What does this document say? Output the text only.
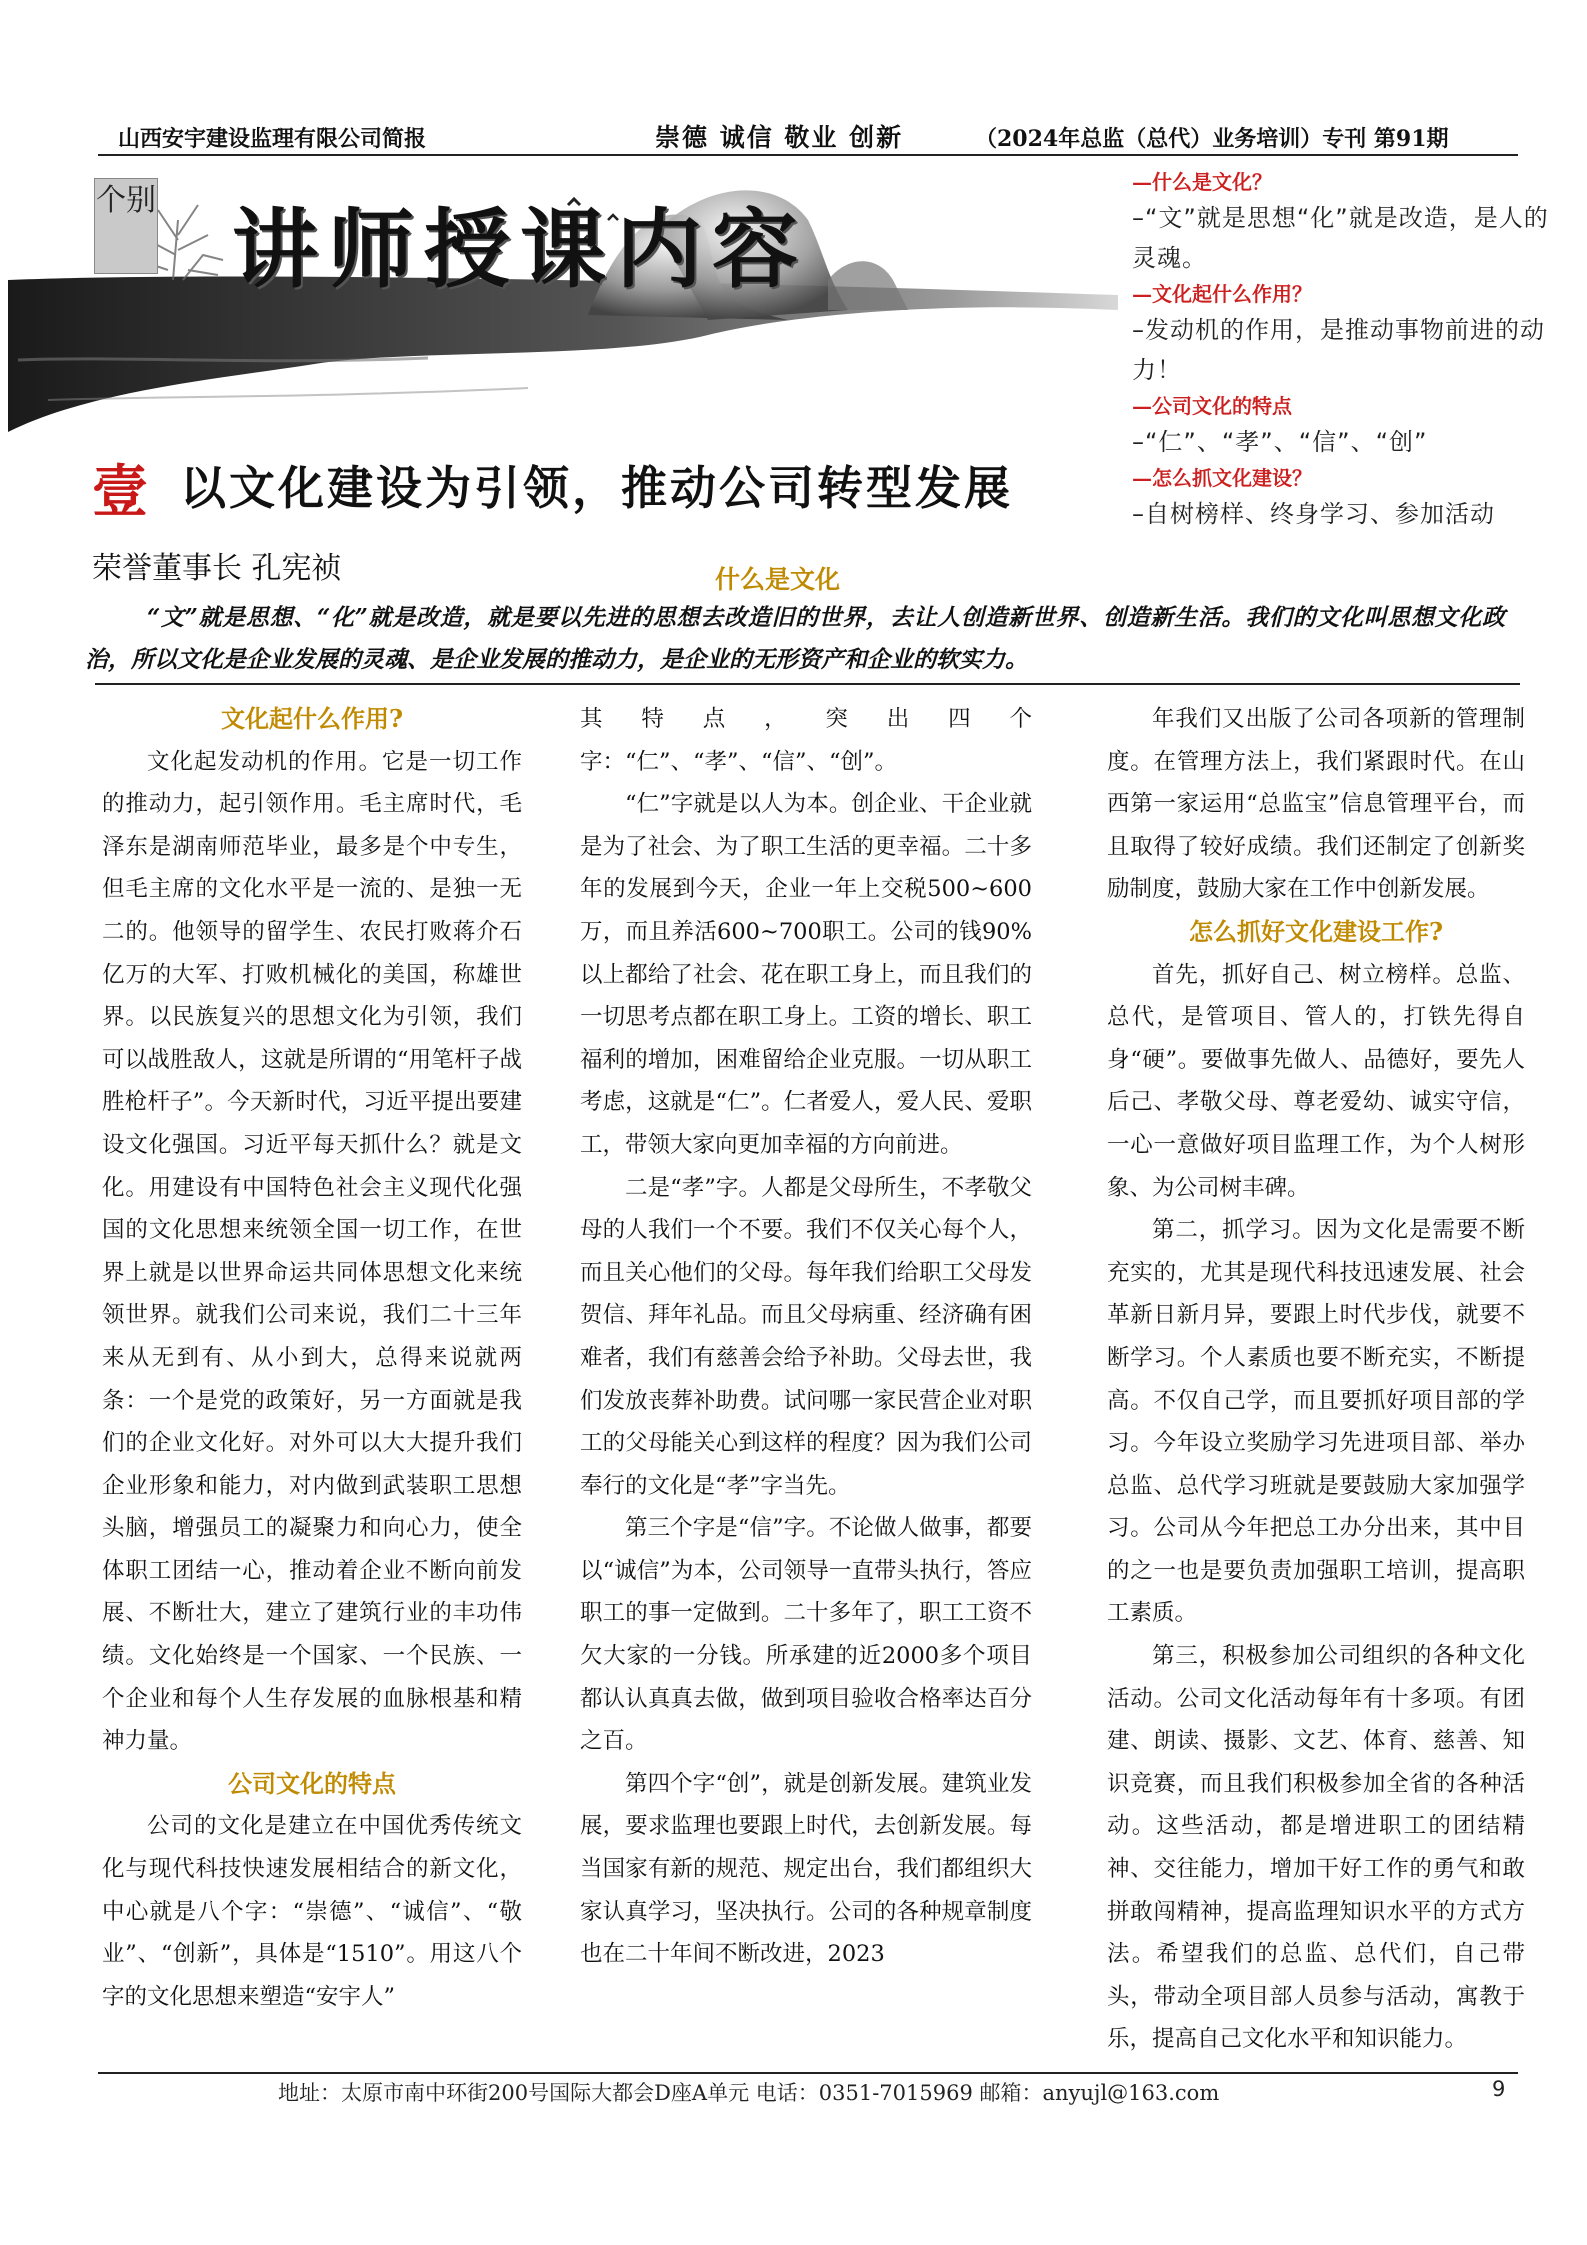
山西安宇建设监理有限公司简报	崇德 诚信 敬业 创新	（2024年总监（总代）业务培训）专刊 第91期
个别 讲师授课内容
—什么是文化？
–“文”就是思想“化”就是改造，是人的灵魂。
—文化起什么作用？
–发动机的作用，是推动事物前进的动力！
—公司文化的特点
–“仁”、“孝”、“信”、“创”
—怎么抓文化建设？
–自树榜样、终身学习、参加活动
壹 以文化建设为引领，推动公司转型发展
荣誉董事长 孔宪祯	什么是文化
“文”就是思想、“化”就是改造，就是要以先进的思想去改造旧的世界，去让人创造新世界、创造新生活。我们的文化叫思想文化政治，所以文化是企业发展的灵魂、是企业发展的推动力，是企业的无形资产和企业的软实力。
文化起什么作用?

文化起发动机的作用。它是一切工作的推动力，起引领作用。毛主席时代，毛泽东是湖南师范毕业，最多是个中专生，但毛主席的文化水平是一流的、是独一无二的。他领导的留学生、农民打败蒋介石亿万的大军、打败机械化的美国，称雄世界。以民族复兴的思想文化为引领，我们可以战胜敌人，这就是所谓的“用笔杆子战胜枪杆子”。今天新时代，习近平提出要建设文化强国。习近平每天抓什么？就是文化。用建设有中国特色社会主义现代化强国的文化思想来统领全国一切工作，在世界上就是以世界命运共同体思想文化来统领世界。就我们公司来说，我们二十三年来从无到有、从小到大，总得来说就两条：一个是党的政策好，另一方面就是我们的企业文化好。对外可以大大提升我们企业形象和能力，对内做到武装职工思想头脑，增强员工的凝聚力和向心力，使全体职工团结一心，推动着企业不断向前发展、不断壮大，建立了建筑行业的丰功伟绩。文化始终是一个国家、一个民族、一个企业和每个人生存发展的血脉根基和精神力量。

公司文化的特点

公司的文化是建立在中国优秀传统文化与现代科技快速发展相结合的新文化，中心就是八个字：“崇德”、“诚信”、“敬业”、“创新”，具体是“1510”。用这八个字的文化思想来塑造“安宇人”

其特点，突出四个字：“仁”、“孝”、“信”、“创”。

“仁”字就是以人为本。创企业、干企业就是为了社会、为了职工生活的更幸福。二十多年的发展到今天，企业一年上交税500~600万，而且养活600~700职工。公司的钱90%以上都给了社会、花在职工身上，而且我们的一切思考点都在职工身上。工资的增长、职工福利的增加，困难留给企业克服。一切从职工考虑，这就是“仁”。仁者爱人，爱人民、爱职工，带领大家向更加幸福的方向前进。

二是“孝”字。人都是父母所生，不孝敬父母的人我们一个不要。我们不仅关心每个人，而且关心他们的父母。每年我们给职工父母发贺信、拜年礼品。而且父母病重、经济确有困难者，我们有慈善会给予补助。父母去世，我们发放丧葬补助费。试问哪一家民营企业对职工的父母能关心到这样的程度？因为我们公司奉行的文化是“孝”字当先。

第三个字是“信”字。不论做人做事，都要以“诚信”为本，公司领导一直带头执行，答应职工的事一定做到。二十多年了，职工工资不欠大家的一分钱。所承建的近2000多个项目都认认真真去做，做到项目验收合格率达百分之百。

第四个字“创”，就是创新发展。建筑业发展，要求监理也要跟上时代，去创新发展。每当国家有新的规范、规定出台，我们都组织大家认真学习，坚决执行。公司的各种规章制度也在二十年间不断改进，2023

年我们又出版了公司各项新的管理制度。在管理方法上，我们紧跟时代。在山西第一家运用“总监宝”信息管理平台，而且取得了较好成绩。我们还制定了创新奖励制度，鼓励大家在工作中创新发展。

怎么抓好文化建设工作?

首先，抓好自己、树立榜样。总监、总代，是管项目、管人的，打铁先得自身“硬”。要做事先做人、品德好，要先人后己、孝敬父母、尊老爱幼、诚实守信，一心一意做好项目监理工作，为个人树形象、为公司树丰碑。

第二，抓学习。因为文化是需要不断充实的，尤其是现代科技迅速发展、社会革新日新月异，要跟上时代步伐，就要不断学习。个人素质也要不断充实，不断提高。不仅自己学，而且要抓好项目部的学习。今年设立奖励学习先进项目部、举办总监、总代学习班就是要鼓励大家加强学习。公司从今年把总工办分出来，其中目的之一也是要负责加强职工培训，提高职工素质。

第三，积极参加公司组织的各种文化活动。公司文化活动每年有十多项。有团建、朗读、摄影、文艺、体育、慈善、知识竞赛，而且我们积极参加全省的各种活动。这些活动，都是增进职工的团结精神、交往能力，增加干好工作的勇气和敢拼敢闯精神，提高监理知识水平的方式方法。希望我们的总监、总代们，自己带头，带动全项目部人员参与活动，寓教于乐，提高自己文化水平和知识能力。

地址：太原市南中环街200号国际大都会D座A单元 电话：0351-7015969 邮箱：anyujl@163.com	9
